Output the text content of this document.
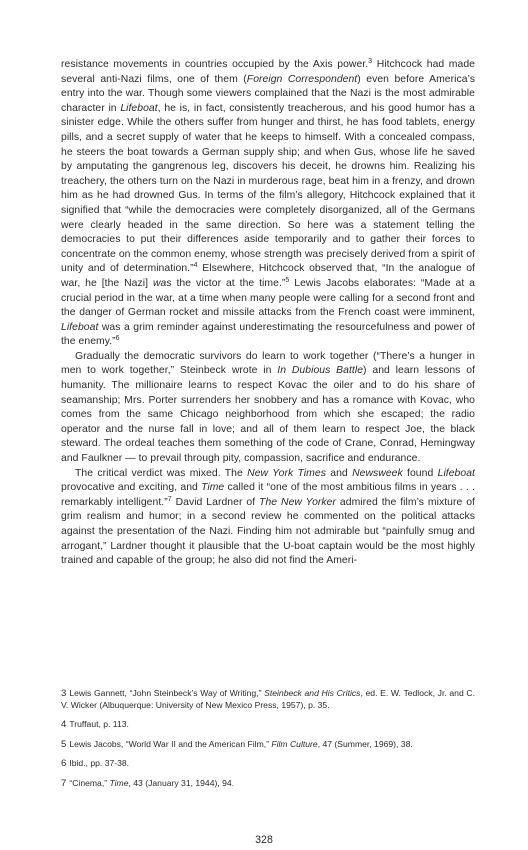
resistance movements in countries occupied by the Axis power.$^3$ Hitchcock had made several anti-Nazi films, one of them (Foreign Correspondent) even before America’s entry into the war. Though some viewers complained that the Nazi is the most admirable character in Lifeboat, he is, in fact, consistently treacherous, and his good humor has a sinister edge. While the others suffer from hunger and thirst, he has food tablets, energy pills, and a secret supply of water that he keeps to himself. With a concealed compass, he steers the boat towards a German supply ship; and when Gus, whose life he saved by amputating the gangrenous leg, discovers his deceit, he drowns him. Realizing his treachery, the others turn on the Nazi in murderous rage, beat him in a frenzy, and drown him as he had drowned Gus. In terms of the film’s allegory, Hitchcock explained that it signified that “while the democracies were completely disorganized, all of the Germans were clearly headed in the same direction. So here was a statement telling the democracies to put their differences aside temporarily and to gather their forces to concentrate on the common enemy, whose strength was precisely derived from a spirit of unity and of determination.”$^4$ Elsewhere, Hitchcock observed that, “In the analogue of war, he [the Nazi] was the victor at the time.”$^5$ Lewis Jacobs elaborates: “Made at a crucial period in the war, at a time when many people were calling for a second front and the danger of German rocket and missile attacks from the French coast were imminent, Lifeboat was a grim reminder against underestimating the resourcefulness and power of the enemy.”$^6$

Gradually the democratic survivors do learn to work together (“There’s a hunger in men to work together,” Steinbeck wrote in In Dubious Battle) and learn lessons of humanity. The millionaire learns to respect Kovac the oiler and to do his share of seamanship; Mrs. Porter surrenders her snobbery and has a romance with Kovac, who comes from the same Chicago neighborhood from which she escaped; the radio operator and the nurse fall in love; and all of them learn to respect Joe, the black steward. The ordeal teaches them something of the code of Crane, Conrad, Hemingway and Faulkner — to prevail through pity, compassion, sacrifice and endurance.

The critical verdict was mixed. The New York Times and Newsweek found Lifeboat provocative and exciting, and Time called it “one of the most ambitious films in years . . . remarkably intelligent.”$^7$ David Lardner of The New Yorker admired the film’s mixture of grim realism and humor; in a second review he commented on the political attacks against the presentation of the Nazi. Finding him not admirable but “painfully smug and arrogant,” Lardner thought it plausible that the U-boat captain would be the most highly trained and capable of the group; he also did not find the Ameri-

3 Lewis Gannett, “John Steinbeck’s Way of Writing,” Steinbeck and His Critics, ed. E. W. Tedlock, Jr. and C. V. Wicker (Albuquerque: University of New Mexico Press, 1957), p. 35.
4 Truffaut, p. 113.
5 Lewis Jacobs, “World War II and the American Film,” Film Culture, 47 (Summer, 1969), 38.
6 Ibid., pp. 37-38.
7 “Cinema,” Time, 43 (January 31, 1944), 94.
328
